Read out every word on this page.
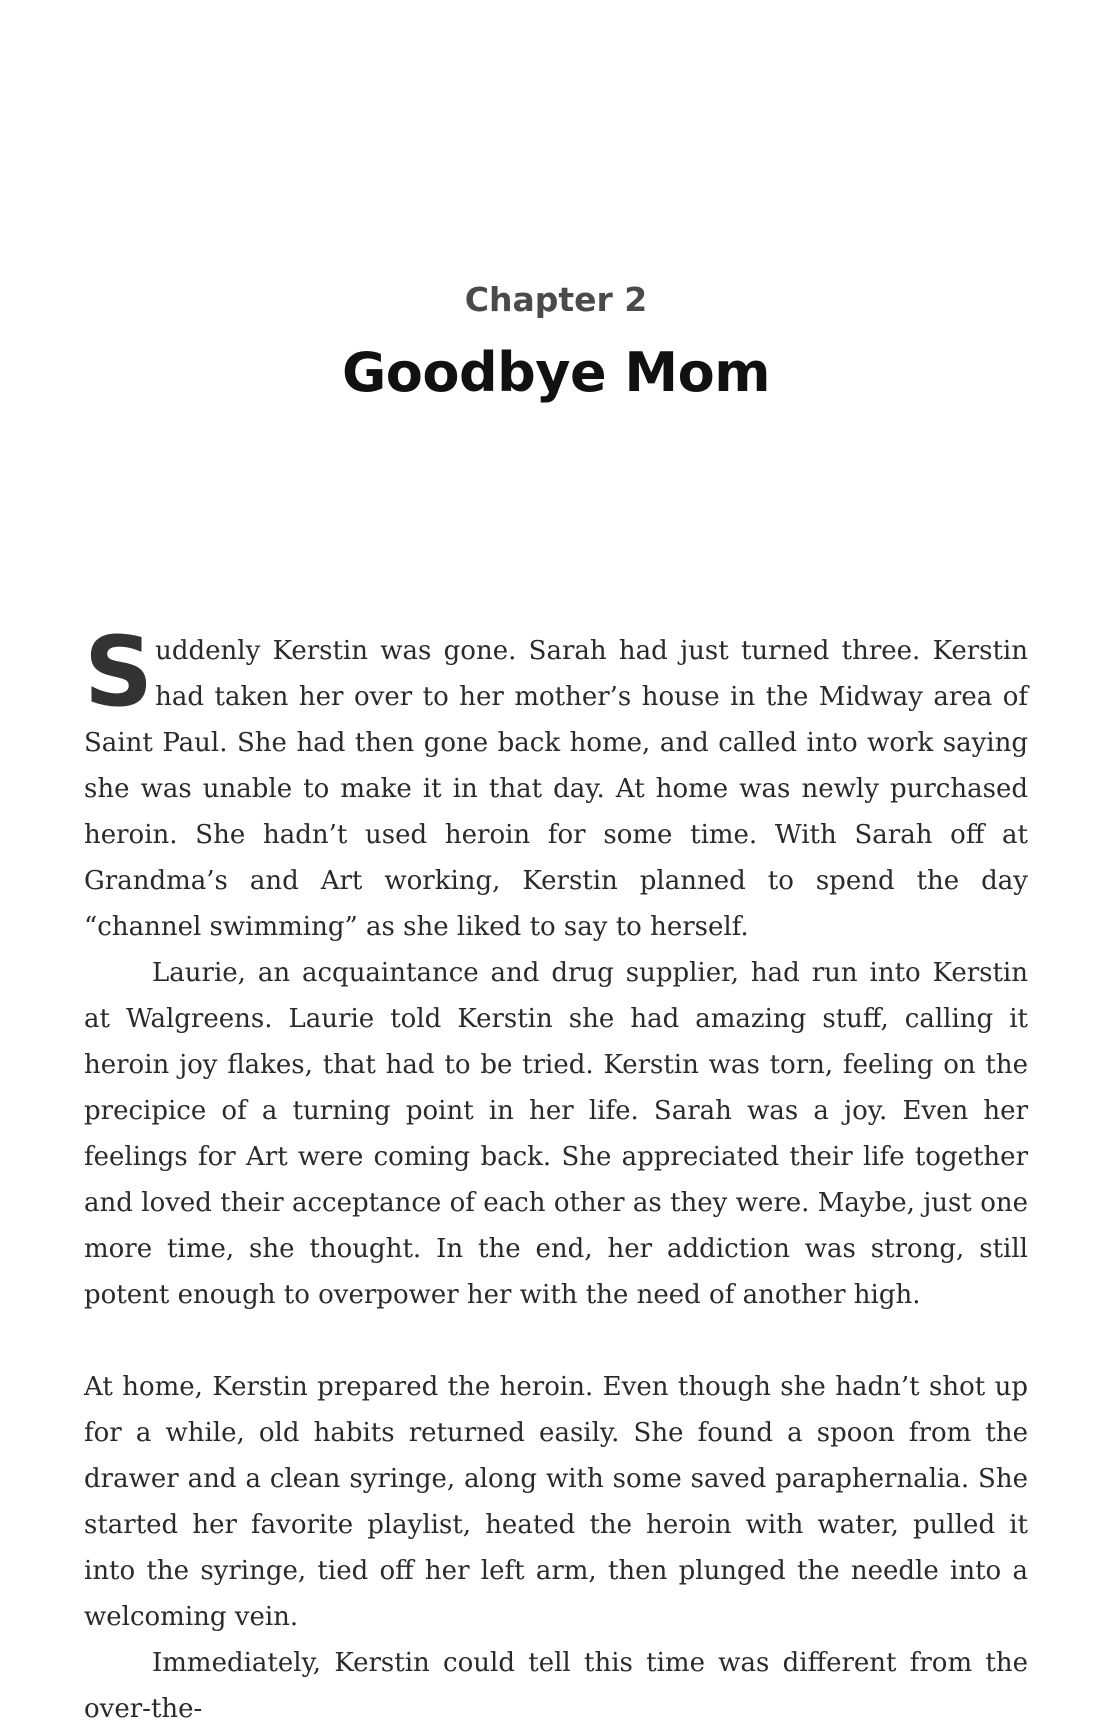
Chapter 2
Goodbye Mom

Suddenly Kerstin was gone. Sarah had just turned three. Kerstin had taken her over to her mother’s house in the Midway area of Saint Paul. She had then gone back home, and called into work saying she was unable to make it in that day. At home was newly purchased heroin. She hadn’t used heroin for some time. With Sarah off at Grandma’s and Art working, Kerstin planned to spend the day “channel swimming” as she liked to say to herself.

Laurie, an acquaintance and drug supplier, had run into Kerstin at Walgreens. Laurie told Kerstin she had amazing stuff, calling it heroin joy flakes, that had to be tried. Kerstin was torn, feeling on the precipice of a turning point in her life. Sarah was a joy. Even her feelings for Art were coming back. She appreciated their life together and loved their acceptance of each other as they were. Maybe, just one more time, she thought. In the end, her addiction was strong, still potent enough to overpower her with the need of another high.

At home, Kerstin prepared the heroin. Even though she hadn’t shot up for a while, old habits returned easily. She found a spoon from the drawer and a clean syringe, along with some saved paraphernalia. She started her favorite playlist, heated the heroin with water, pulled it into the syringe, tied off her left arm, then plunged the needle into a welcoming vein.

Immediately, Kerstin could tell this time was different from the over-the-
